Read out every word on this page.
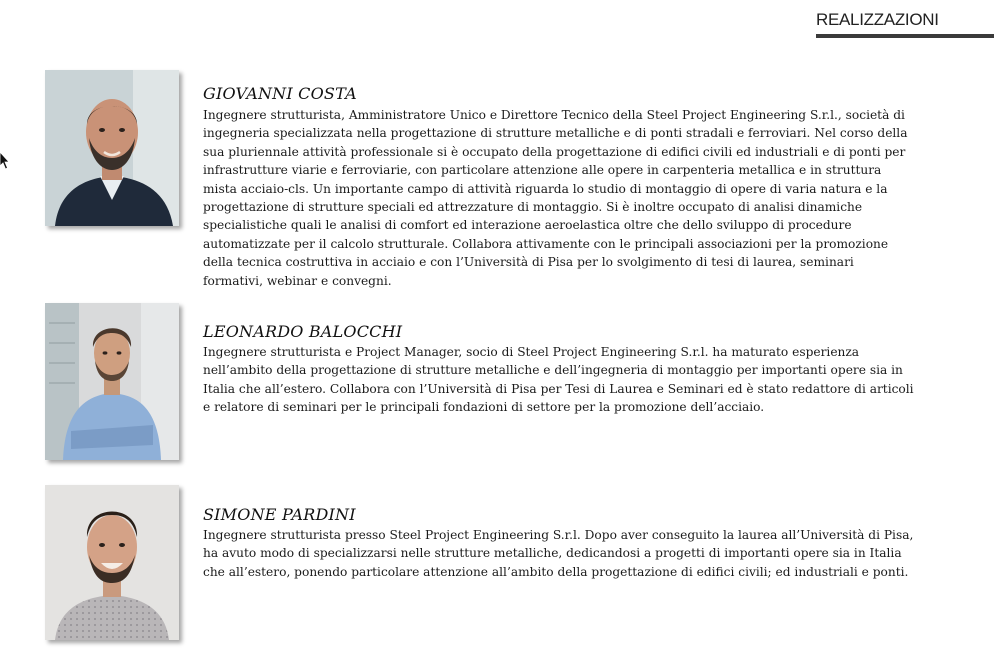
REALIZZAZIONI
GIOVANNI COSTA

Ingegnere strutturista, Amministratore Unico e Direttore Tecnico della Steel Project Engineering S.r.l., società di ingegneria specializzata nella progettazione di strutture metalliche e di ponti stradali e ferroviari. Nel corso della sua pluriennale attività professionale si è occupato della progettazione di edifici civili ed industriali e di ponti per infrastrutture viarie e ferroviarie, con particolare attenzione alle opere in carpenteria metallica e in struttura mista acciaio-cls. Un importante campo di attività riguarda lo studio di montaggio di opere di varia natura e la progettazione di strutture speciali ed attrezzature di montaggio. Si è inoltre occupato di analisi dinamiche specialistiche quali le analisi di comfort ed interazione aeroelastica oltre che dello sviluppo di procedure automatizzate per il calcolo strutturale. Collabora attivamente con le principali associazioni per la promozione della tecnica costruttiva in acciaio e con l’Università di Pisa per lo svolgimento di tesi di laurea, seminari formativi, webinar e convegni.

LEONARDO BALOCCHI

Ingegnere strutturista e Project Manager, socio di Steel Project Engineering S.r.l. ha maturato esperienza nell’ambito della progettazione di strutture metalliche e dell’ingegneria di montaggio per importanti opere sia in Italia che all’estero. Collabora con l’Università di Pisa per Tesi di Laurea e Seminari ed è stato redattore di articoli e relatore di seminari per le principali fondazioni di settore per la promozione dell’acciaio.

SIMONE PARDINI

Ingegnere strutturista presso Steel Project Engineering S.r.l. Dopo aver conseguito la laurea all’Università di Pisa, ha avuto modo di specializzarsi nelle strutture metalliche, dedicandosi a progetti di importanti opere sia in Italia che all’estero, ponendo particolare attenzione all’ambito della progettazione di edifici civili; ed industriali e ponti.
